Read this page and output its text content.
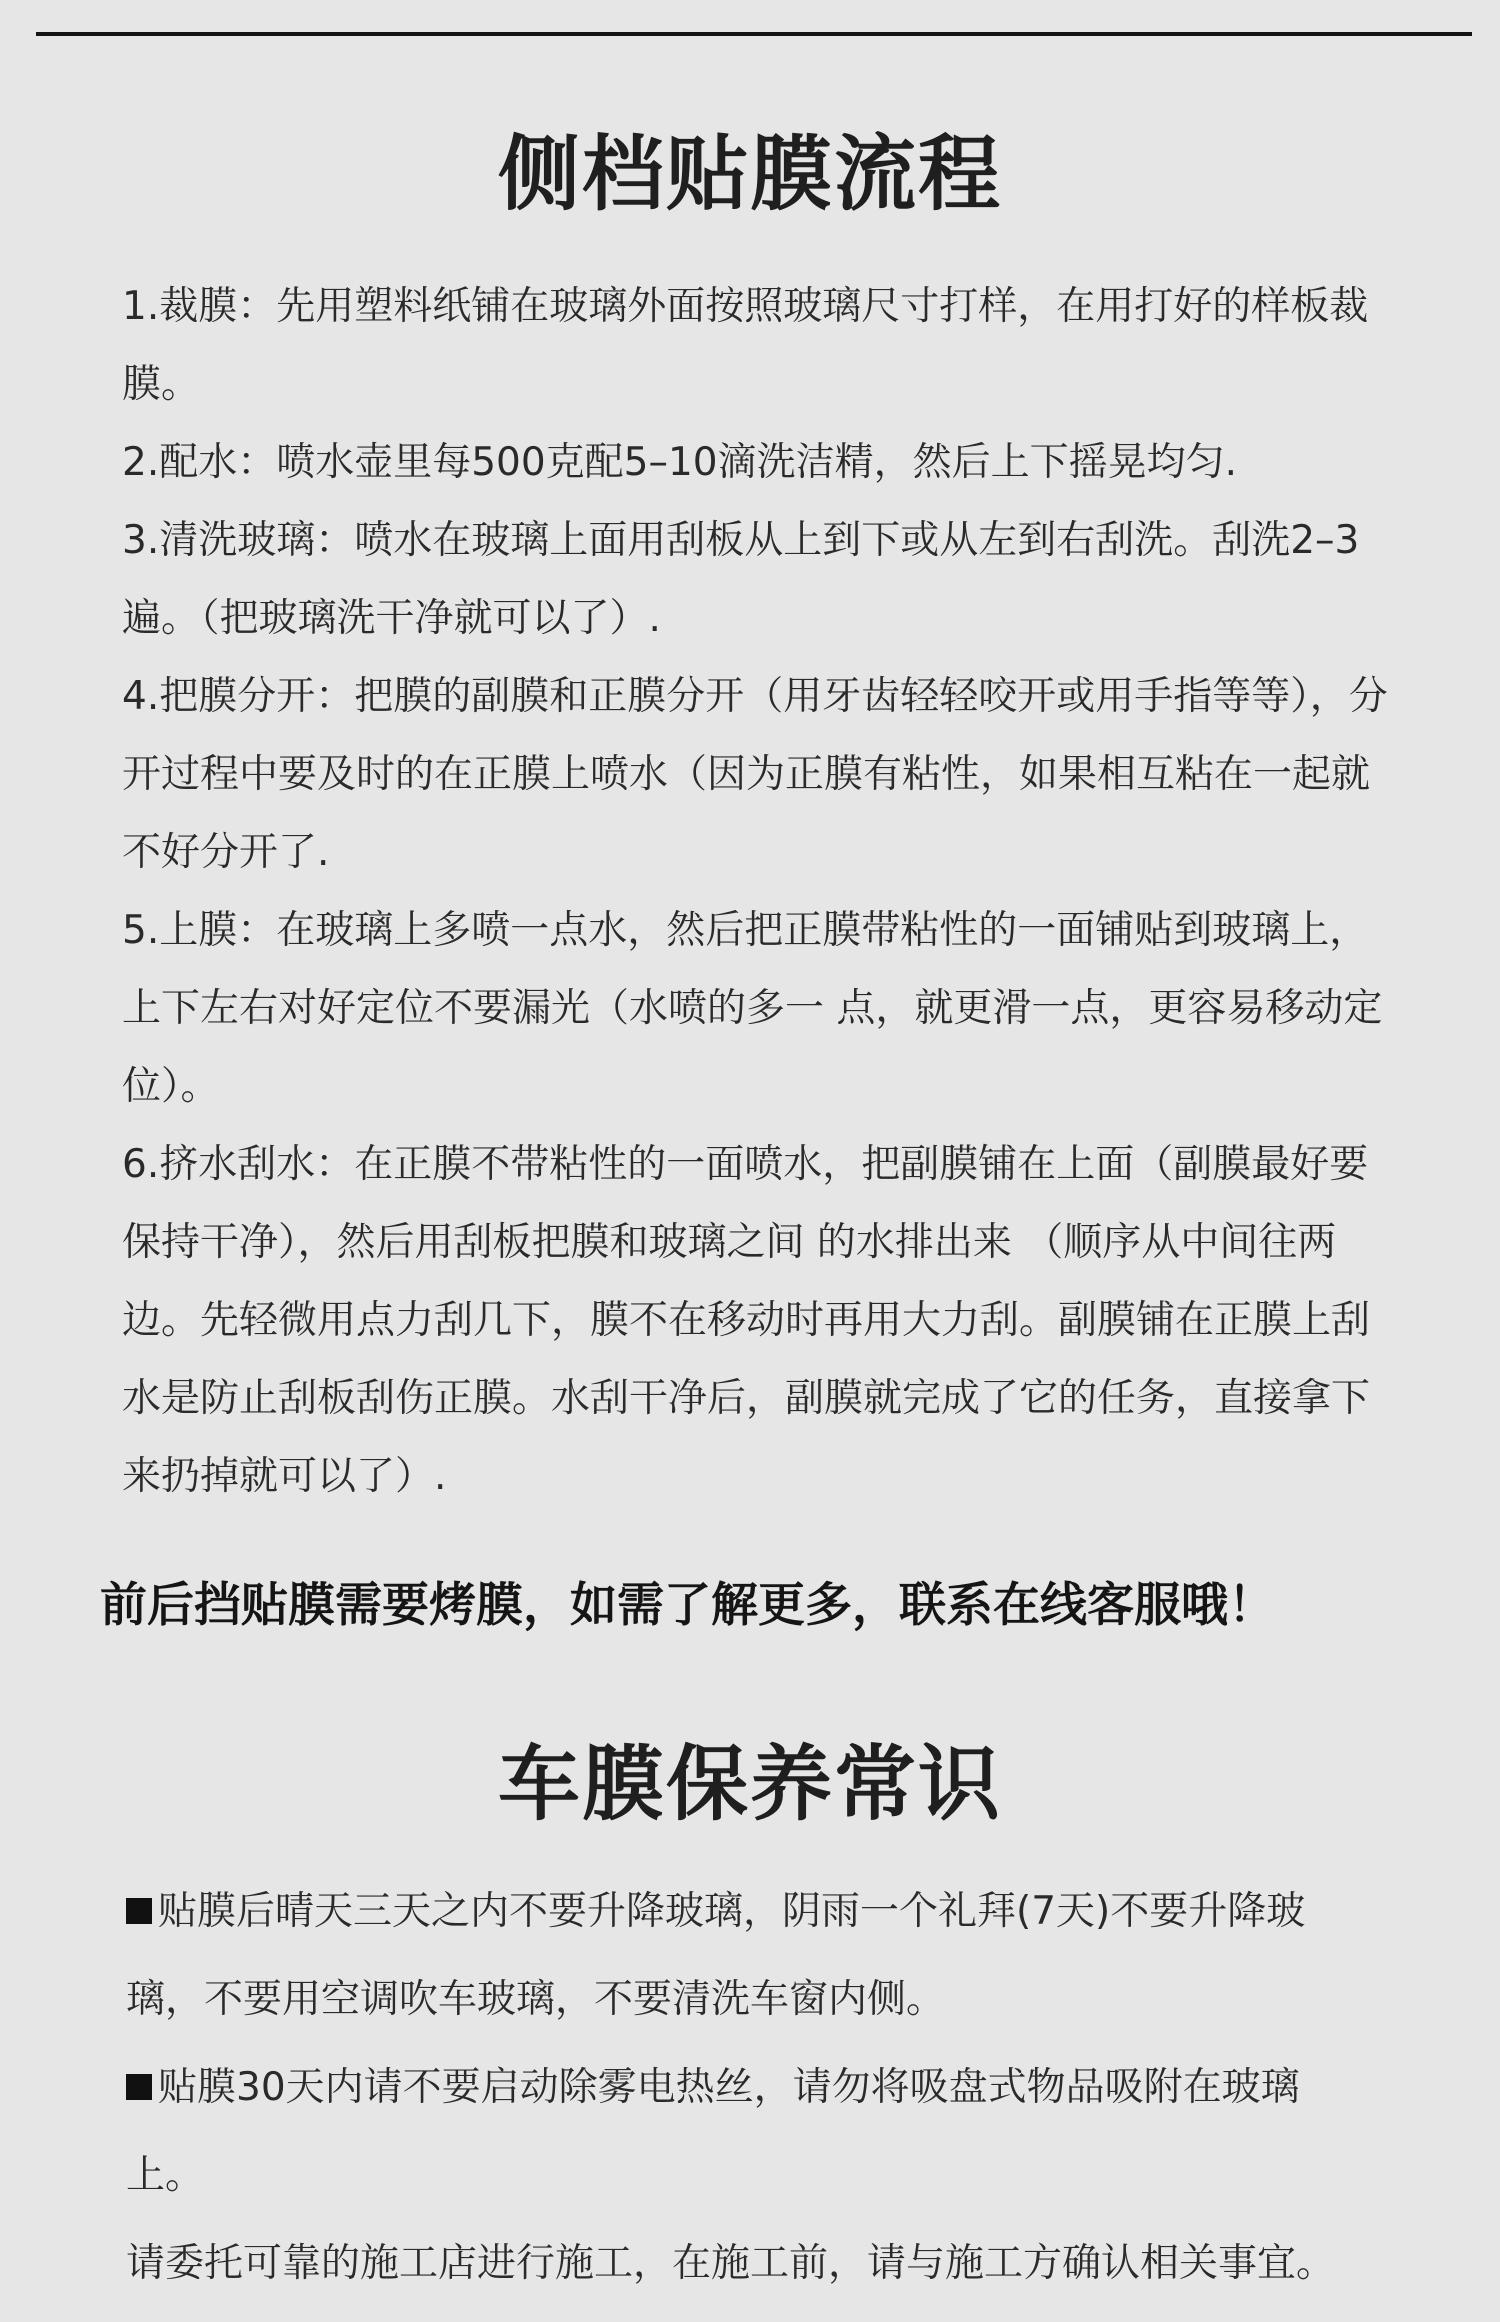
侧档贴膜流程
1.裁膜：先用塑料纸铺在玻璃外面按照玻璃尺寸打样，在用打好的样板裁膜。
2.配水：喷水壶里每500克配5–10滴洗洁精，然后上下摇晃均匀.
3.清洗玻璃：喷水在玻璃上面用刮板从上到下或从左到右刮洗。刮洗2–3遍。（把玻璃洗干净就可以了）.
4.把膜分开：把膜的副膜和正膜分开（用牙齿轻轻咬开或用手指等等），分开过程中要及时的在正膜上喷水（因为正膜有粘性，如果相互粘在一起就不好分开了.
5.上膜：在玻璃上多喷一点水，然后把正膜带粘性的一面铺贴到玻璃上，上下左右对好定位不要漏光（水喷的多一 点，就更滑一点，更容易移动定位）。
6.挤水刮水：在正膜不带粘性的一面喷水，把副膜铺在上面（副膜最好要保持干净），然后用刮板把膜和玻璃之间 的水排出来 （顺序从中间往两边。先轻微用点力刮几下，膜不在移动时再用大力刮。副膜铺在正膜上刮水是防止刮板刮伤正膜。水刮干净后，副膜就完成了它的任务，直接拿下来扔掉就可以了）.
前后挡贴膜需要烤膜，如需了解更多，联系在线客服哦！
车膜保养常识
贴膜后晴天三天之内不要升降玻璃，阴雨一个礼拜(7天)不要升降玻璃，不要用空调吹车玻璃，不要清洗车窗内侧。
贴膜30天内请不要启动除雾电热丝，请勿将吸盘式物品吸附在玻璃上。
请委托可靠的施工店进行施工，在施工前，请与施工方确认相关事宜。
